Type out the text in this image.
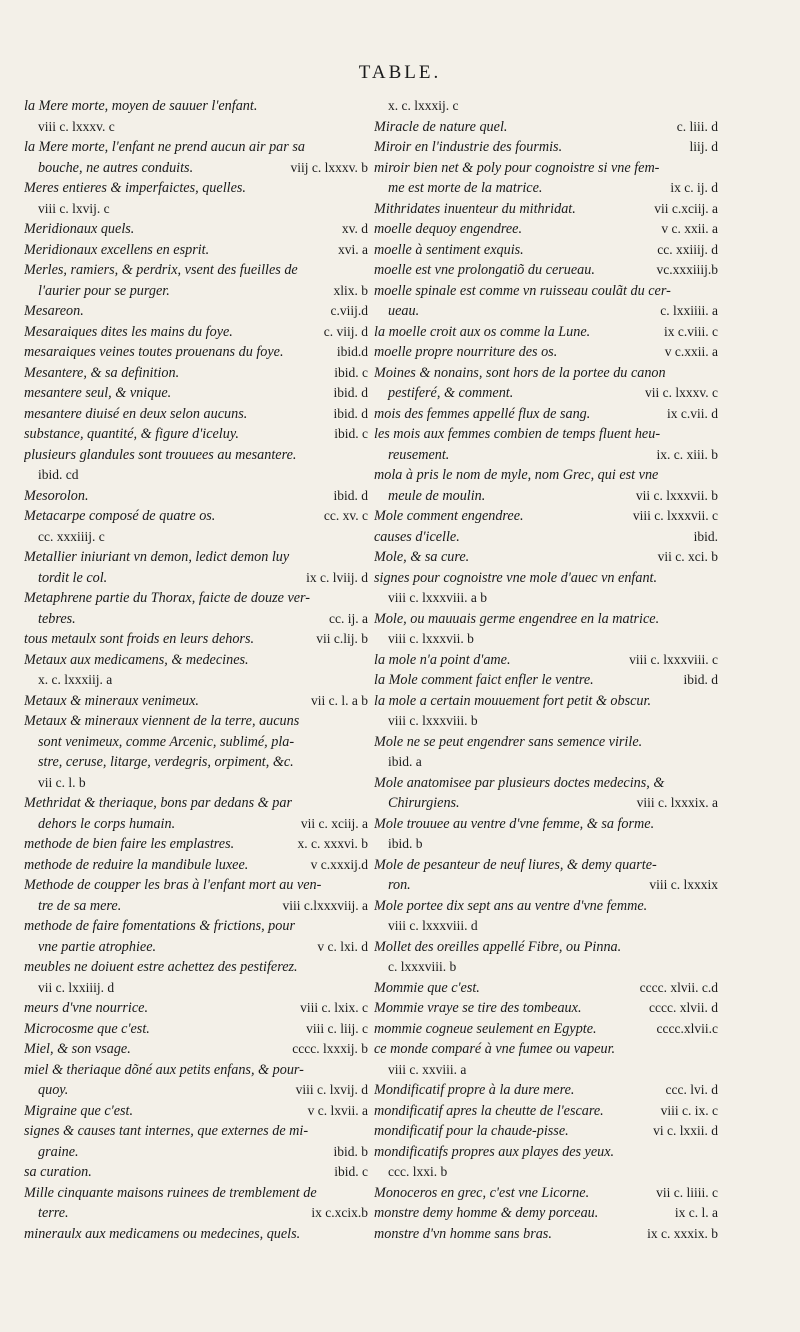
TABLE.
la Mere morte, moyen de sauuer l'enfant.
viii c. lxxxv. c
la Mere morte, l'enfant ne prend aucun air par sa
bouche, ne autres conduits.	viij c. lxxxv. b
Meres entieres & imperfaictes, quelles.
viii c. lxvij. c
Meridionaux quels.	xv. d
Meridionaux excellens en esprit.	xvi. a
Merles, ramiers, & perdrix, vsent des fueilles de
l'aurier pour se purger.	xlix. b
Mesareon.	c.viij.d
Mesaraiques dites les mains du foye.	c. viij. d
mesaraiques veines toutes prouenans du foye.	ibid.d
Mesantere, & sa definition.	ibid. c
mesantere seul, & vnique.	ibid. d
mesantere diuisé en deux selon aucuns.	ibid. d
substance, quantité, & figure d'iceluy.	ibid. c
plusieurs glandules sont trouuees au mesantere.
ibid. cd
Mesorolon.	ibid. d
Metacarpe composé de quatre os.	cc. xv. c
cc. xxxiiij. c
Metallier iniuriant vn demon, ledict demon luy
tordit le col.	ix c. lviij. d
Metaphrene partie du Thorax, faicte de douze ver-
tebres.	cc. ij. a
tous metaulx sont froids en leurs dehors.	vii c.lij. b
Metaux aux medicamens, & medecines.
x. c. lxxxiij. a
Metaux & mineraux venimeux.	vii c. l. a b
Metaux & mineraux viennent de la terre, aucuns
sont venimeux, comme Arcenic, sublimé, pla-
stre, ceruse, litarge, verdegris, orpiment, &c.
vii c. l. b
Methridat & theriaque, bons par dedans & par
dehors le corps humain.	vii c. xciij. a
methode de bien faire les emplastres.	x. c. xxxvi. b
methode de reduire la mandibule luxee.	v c.xxxij.d
Methode de coupper les bras à l'enfant mort au ven-
tre de sa mere.	viii c.lxxxviij. a
methode de faire fomentations & frictions, pour
vne partie atrophiee.	v c. lxi. d
meubles ne doiuent estre achettez des pestiferez.
vii c. lxxiiij. d
meurs d'vne nourrice.	viii c. lxix. c
Microcosme que c'est.	viii c. liij. c
Miel, & son vsage.	cccc. lxxxij. b
miel & theriaque dõné aux petits enfans, & pour-
quoy.	viii c. lxvij. d
Migraine que c'est.	v c. lxvii. a
signes & causes tant internes, que externes de mi-
graine.	ibid. b
sa curation.	ibid. c
Mille cinquante maisons ruinees de tremblement de
terre.	ix c.xcix.b
mineraulx aux medicamens ou medecines, quels.
x. c. lxxxij. c
Miracle de nature quel.	c. liii. d
Miroir en l'industrie des fourmis.	liij. d
miroir bien net & poly pour cognoistre si vne fem-
me est morte de la matrice.	ix c. ij. d
Mithridates inuenteur du mithridat.	vii c.xciij. a
moelle dequoy engendree.	v c. xxii. a
moelle à sentiment exquis.	cc. xxiiij. d
moelle est vne prolongatiõ du cerueau.	vc.xxxiiij.b
moelle spinale est comme vn ruisseau coulãt du cer-
ueau.	c. lxxiiii. a
la moelle croit aux os comme la Lune.	ix c.viii. c
moelle propre nourriture des os.	v c.xxii. a
Moines & nonains, sont hors de la portee du canon
pestiferé, & comment.	vii c. lxxxv. c
mois des femmes appellé flux de sang.	ix c.vii. d
les mois aux femmes combien de temps fluent heu-
reusement.	ix. c. xiii. b
mola à pris le nom de myle, nom Grec, qui est vne
meule de moulin.	vii c. lxxxvii. b
Mole comment engendree.	viii c. lxxxvii. c
causes d'icelle.	ibid.
Mole, & sa cure.	vii c. xci. b
signes pour cognoistre vne mole d'auec vn enfant.
viii c. lxxxviii. a b
Mole, ou mauuais germe engendree en la matrice.
viii c. lxxxvii. b
la mole n'a point d'ame.	viii c. lxxxviii. c
la Mole comment faict enfler le ventre.	ibid. d
la mole a certain mouuement fort petit & obscur.
viii c. lxxxviii. b
Mole ne se peut engendrer sans semence virile.
ibid. a
Mole anatomisee par plusieurs doctes medecins, &
Chirurgiens.	viii c. lxxxix. a
Mole trouuee au ventre d'vne femme, & sa forme.
ibid. b
Mole de pesanteur de neuf liures, & demy quarte-
ron.	viii c. lxxxix
Mole portee dix sept ans au ventre d'vne femme.
viii c. lxxxviii. d
Mollet des oreilles appellé Fibre, ou Pinna.
c. lxxxviii. b
Mommie que c'est.	cccc. xlvii. c.d
Mommie vraye se tire des tombeaux.	cccc. xlvii. d
mommie cogneue seulement en Egypte.	cccc.xlvii.c
ce monde comparé à vne fumee ou vapeur.
viii c. xxviii. a
Mondificatif propre à la dure mere.	ccc. lvi. d
mondificatif apres la cheutte de l'escare.	viii c. ix. c
mondificatif pour la chaude-pisse.	vi c. lxxii. d
mondificatifs propres aux playes des yeux.
ccc. lxxi. b
Monoceros en grec, c'est vne Licorne.	vii c. liiii. c
monstre demy homme & demy porceau.	ix c. l. a
monstre d'vn homme sans bras.	ix c. xxxix. b
